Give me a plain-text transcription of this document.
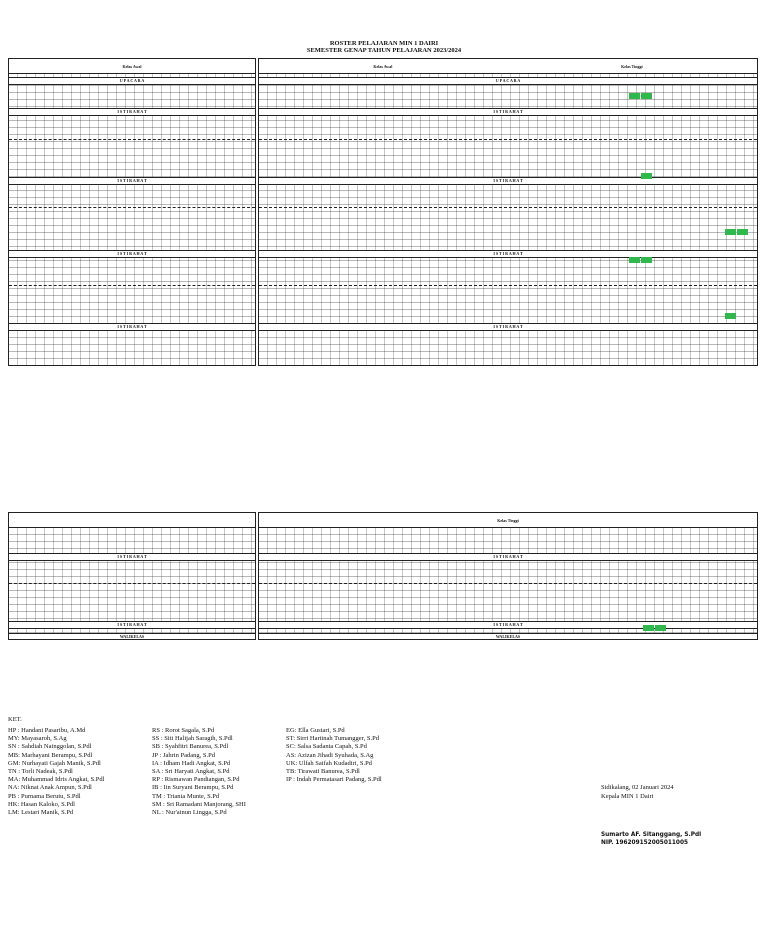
ROSTER PELAJARAN MIN 1 DAIRI
SEMESTER GENAP TAHUN PELAJARAN 2023/2024
Kelas Awal
U P A C A R A
I S T I R A H A T
I S T I R A H A T
I S T I R A H A T
I S T I R A H A T
Kelas Awal	Kelas Tinggi
U P A C A R A
I S T I R A H A T
I S T I R A H A T
I S T I R A H A T
I S T I R A H A T
I S T I R A H A T
I S T I R A H A T
WALIKELAS
Kelas Tinggi
I S T I R A H A T
I S T I R A H A T
WALIKELAS
KET.
HP : Handani Pasaribu, A.Md
MY: Mayasaroh, S.Ag
SN : Sahdiah Nainggolan, S.Pdl
MB: Marhayani Berampu, S.Pdl
GM: Nurhayati Gajah Manik, S.Pdl
TN : Torli Nadeak, S.Pdl
MA: Muhammad Idris Angkat, S.Pdl
NA: Niknat Anak Ampun, S.Pdl
PB : Purnama Berutu, S.Pdl
HK: Hasan Kaloko, S.Pdl
LM: Lestari Manik, S.Pd
RS : Rorot Sagala, S.Pd
SS : Siti Halijah Saragih, S.Pdl
SB : Syahfitri Banurea, S.Pdl
JP : Jahrin Padang, S.Pd
IA : Idham Hadi Angkat, S.Pd
SA : Sri Haryati Angkat, S.Pd
RP : Rismawan Pandiangan, S.Pd
IB : Iin Suryani Berampu, S.Pd
TM : Triania Munte, S.Pd
SM : Sri Ramadani Manjorang, SHI
NL : Nur'ainun Lingga, S.Pd
EG: Ella Gustari, S.Pd
ST: Sirri Hartinah Tumangger, S.Pd
SC: Salsa Sadanta Capah, S.Pd
AS: Azizan Jihadi Syuhada, S.Ag
UK: Ulfah Saifah Kudadiri, S.Pd
TB: Tirawati Banurea, S.Pdl
IP : Indah Permatasari Padang, S.Pdl
Sidikalang, 02 Januari 2024
Kepala MIN 1 Dairi
Sumarto AF. Sitanggang, S.Pdl
NIP. 196209152005011005
